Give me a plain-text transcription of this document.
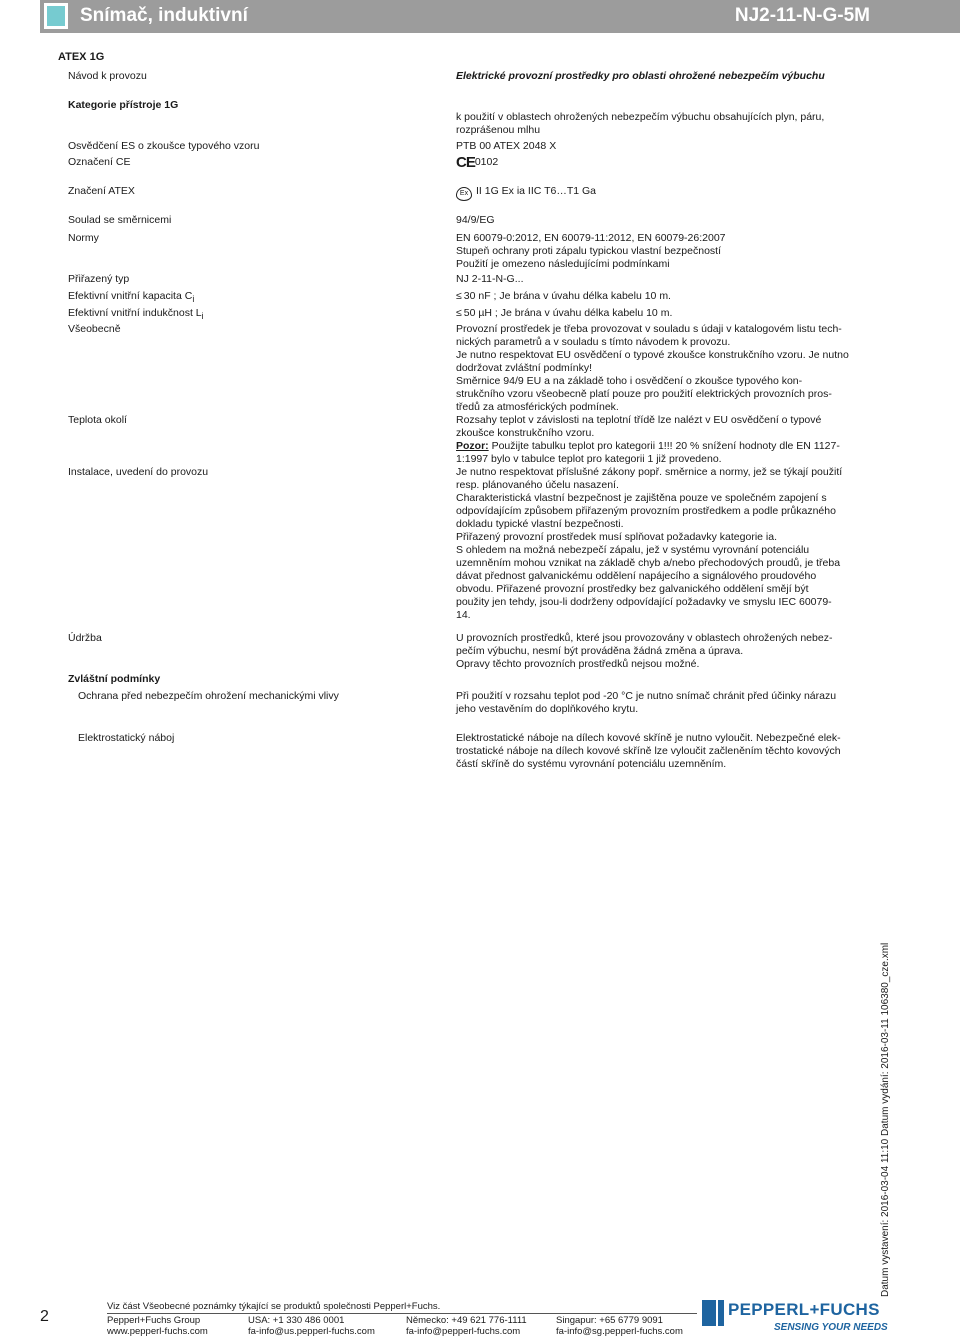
Snímač, induktivní	NJ2-11-N-G-5M
ATEX 1G
Návod k provozu	Elektrické provozní prostředky pro oblasti ohrožené nebezpečím výbuchu

Kategorie přístroje 1G

k použití v oblastech ohrožených nebezpečím výbuchu obsahujících plyn, páru,

rozprášenou mlhu

Osvědčení ES o zkoušce typového vzoru	PTB 00 ATEX 2048 X

Označení CE	CE0102
Značení ATEX	Ex II 1G Ex ia IIC T6…T1 Ga
Soulad se směrnicemi	94/9/EG

Normy	EN 60079-0:2012, EN 60079-11:2012, EN 60079-26:2007

Stupeň ochrany proti zápalu typickou vlastní bezpečností

Použití je omezeno následujícími podmínkami

Přiřazený typ	NJ 2-11-N-G...

Efektivní vnitřní kapacita $C_i$	≤ 30 nF ; Je brána v úvahu délka kabelu 10 m.
Efektivní vnitřní indukčnost $L_i$	≤ 50 µH ; Je brána v úvahu délka kabelu 10 m.
Všeobecně	Provozní prostředek je třeba provozovat v souladu s údaji v katalogovém listu tech-

nických parametrů a v souladu s tímto návodem k provozu.

Je nutno respektovat EU osvědčení o typové zkoušce konstrukčního vzoru. Je nutno

dodržovat zvláštní podmínky!

Směrnice 94/9 EU a na základě toho i osvědčení o zkoušce typového kon-

strukčního vzoru všeobecně platí pouze pro použití elektrických provozních pros-

tředů za atmosférických podmínek.

Teplota okolí	Rozsahy teplot v závislosti na teplotní třídě lze nalézt v EU osvědčení o typové

zkoušce konstrukčního vzoru.

Pozor: Použijte tabulku teplot pro kategorii 1!!! 20 % snížení hodnoty dle EN 1127-

1:1997 bylo v tabulce teplot pro kategorii 1 již provedeno.

Instalace, uvedení do provozu	Je nutno respektovat příslušné zákony popř. směrnice a normy, jež se týkají použití

resp. plánovaného účelu nasazení.

Charakteristická vlastní bezpečnost je zajištěna pouze ve společném zapojení s

odpovídajícím způsobem přiřazeným provozním prostředkem a podle průkazného

dokladu typické vlastní bezpečnosti.

Přiřazený provozní prostředek musí splňovat požadavky kategorie ia.

S ohledem na možná nebezpečí zápalu, jež v systému vyrovnání potenciálu

uzemněním mohou vznikat na základě chyb a/nebo přechodových proudů, je třeba

dávat přednost galvanickému oddělení napájecího a signálového proudového

obvodu. Přiřazené provozní prostředky bez galvanického oddělení smějí být

použity jen tehdy, jsou-li dodrženy odpovídající požadavky ve smyslu IEC 60079-

14.

Údržba	U provozních prostředků, které jsou provozovány v oblastech ohrožených nebez-

pečím výbuchu, nesmí být prováděna žádná změna a úprava.

Opravy těchto provozních prostředků nejsou možné.

Zvláštní podmínky
Ochrana před nebezpečím ohrožení mechanickými vlivy	Při použití v rozsahu teplot pod -20 °C je nutno snímač chránit před účinky nárazu

jeho vestavěním do doplňkového krytu.

Elektrostatický náboj	Elektrostatické náboje na dílech kovové skříně je nutno vyloučit. Nebezpečné elek-

trostatické náboje na dílech kovové skříně lze vyloučit začleněním těchto kovových

částí skříně do systému vyrovnání potenciálu uzemněním.

Datum vystavení: 2016-03-04 11:10 Datum vydání: 2016-03-11 106380_cze.xml
2
Viz část Všeobecné poznámky týkající se produktů společnosti Pepperl+Fuchs.
Pepperl+Fuchs Group
www.pepperl-fuchs.com
USA: +1 330 486 0001
fa-info@us.pepperl-fuchs.com
Německo: +49 621 776-1111
fa-info@pepperl-fuchs.com
Singapur: +65 6779 9091
fa-info@sg.pepperl-fuchs.com
PEPPERL+FUCHS
SENSING YOUR NEEDS
